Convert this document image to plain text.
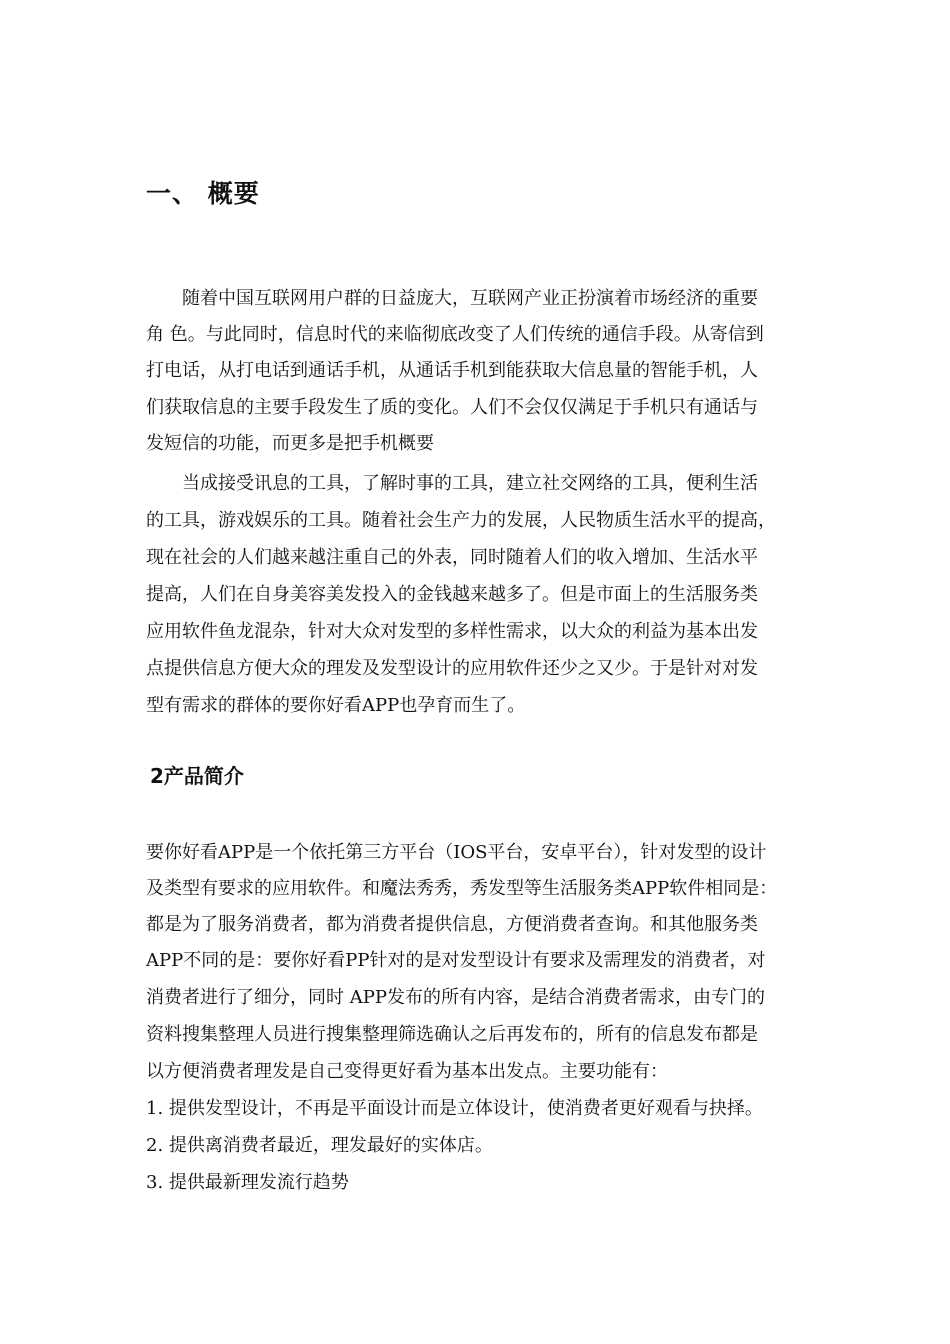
一、 概要
随着中国互联网用户群的日益庞大，互联网产业正扮演着市场经济的重要
角 色。与此同时，信息时代的来临彻底改变了人们传统的通信手段。从寄信到
打电话，从打电话到通话手机，从通话手机到能获取大信息量的智能手机，人
们获取信息的主要手段发生了质的变化。人们不会仅仅满足于手机只有通话与
发短信的功能，而更多是把手机概要
当成接受讯息的工具，了解时事的工具，建立社交网络的工具，便利生活
的工具，游戏娱乐的工具。随着社会生产力的发展，人民物质生活水平的提高，
现在社会的人们越来越注重自己的外表，同时随着人们的收入增加、生活水平
提高，人们在自身美容美发投入的金钱越来越多了。但是市面上的生活服务类
应用软件鱼龙混杂，针对大众对发型的多样性需求，以大众的利益为基本出发
点提供信息方便大众的理发及发型设计的应用软件还少之又少。于是针对对发
型有需求的群体的要你好看APP也孕育而生了。
2产品简介
要你好看APP是一个依托第三方平台（IOS平台，安卓平台），针对发型的设计
及类型有要求的应用软件。和魔法秀秀，秀发型等生活服务类APP软件相同是：
都是为了服务消费者，都为消费者提供信息，方便消费者查询。和其他服务类
APP不同的是：要你好看PP针对的是对发型设计有要求及需理发的消费者，对
消费者进行了细分，同时 APP发布的所有内容，是结合消费者需求，由专门的
资料搜集整理人员进行搜集整理筛选确认之后再发布的，所有的信息发布都是
以方便消费者理发是自己变得更好看为基本出发点。主要功能有：
1. 提供发型设计，不再是平面设计而是立体设计，使消费者更好观看与抉择。
2. 提供离消费者最近，理发最好的实体店。
3. 提供最新理发流行趋势
